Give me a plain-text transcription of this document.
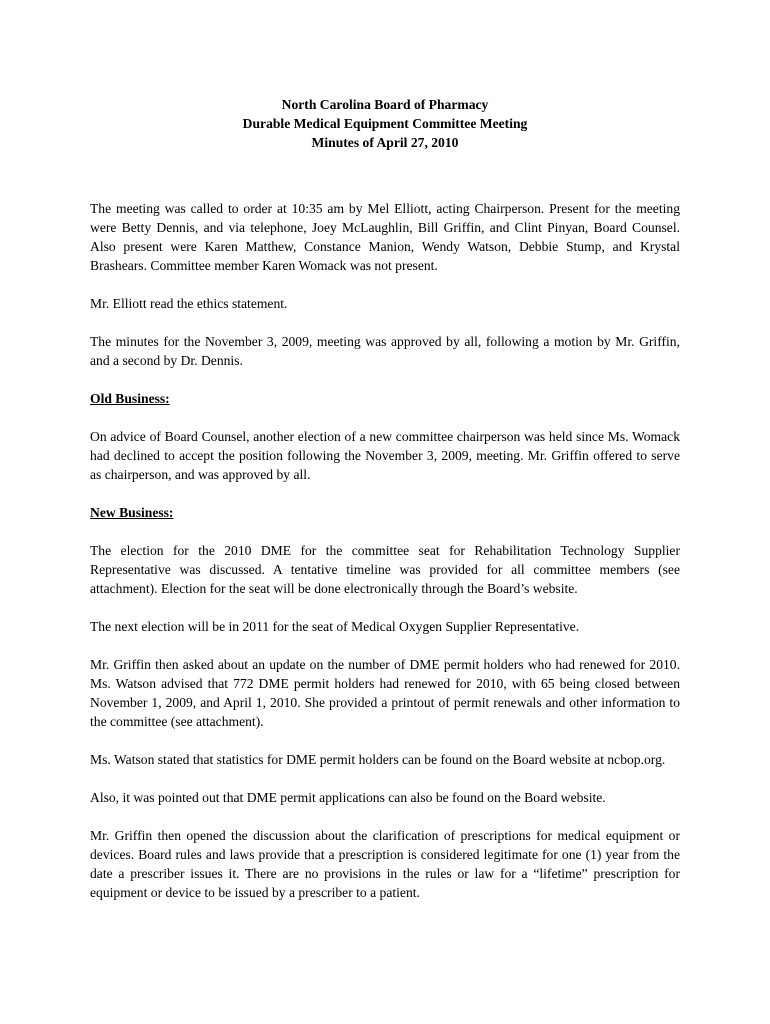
North Carolina Board of Pharmacy
Durable Medical Equipment Committee Meeting
Minutes of April 27, 2010

The meeting was called to order at 10:35 am by Mel Elliott, acting Chairperson. Present for the meeting were Betty Dennis, and via telephone, Joey McLaughlin, Bill Griffin, and Clint Pinyan, Board Counsel. Also present were Karen Matthew, Constance Manion, Wendy Watson, Debbie Stump, and Krystal Brashears. Committee member Karen Womack was not present.

Mr. Elliott read the ethics statement.

The minutes for the November 3, 2009, meeting was approved by all, following a motion by Mr. Griffin, and a second by Dr. Dennis.

Old Business:

On advice of Board Counsel, another election of a new committee chairperson was held since Ms. Womack had declined to accept the position following the November 3, 2009, meeting. Mr. Griffin offered to serve as chairperson, and was approved by all.

New Business:

The election for the 2010 DME for the committee seat for Rehabilitation Technology Supplier Representative was discussed. A tentative timeline was provided for all committee members (see attachment). Election for the seat will be done electronically through the Board’s website.

The next election will be in 2011 for the seat of Medical Oxygen Supplier Representative.

Mr. Griffin then asked about an update on the number of DME permit holders who had renewed for 2010. Ms. Watson advised that 772 DME permit holders had renewed for 2010, with 65 being closed between November 1, 2009, and April 1, 2010. She provided a printout of permit renewals and other information to the committee (see attachment).

Ms. Watson stated that statistics for DME permit holders can be found on the Board website at ncbop.org.

Also, it was pointed out that DME permit applications can also be found on the Board website.

Mr. Griffin then opened the discussion about the clarification of prescriptions for medical equipment or devices. Board rules and laws provide that a prescription is considered legitimate for one (1) year from the date a prescriber issues it. There are no provisions in the rules or law for a “lifetime” prescription for equipment or device to be issued by a prescriber to a patient.
